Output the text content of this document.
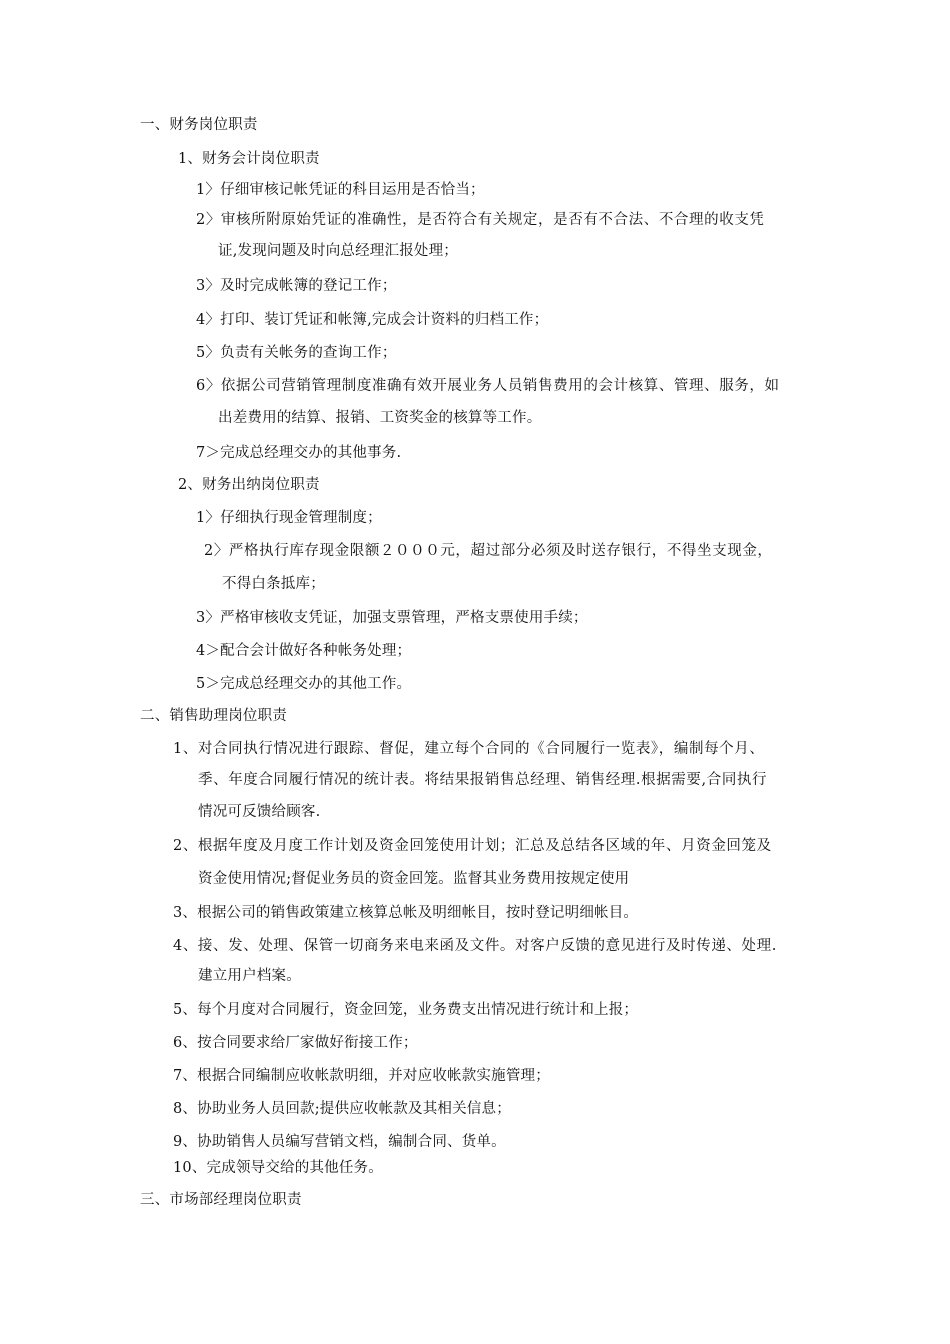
一、财务岗位职责
1、财务会计岗位职责
1〉仔细审核记帐凭证的科目运用是否恰当；
2〉审核所附原始凭证的准确性，是否符合有关规定，是否有不合法、不合理的收支凭
证,发现问题及时向总经理汇报处理；
3〉及时完成帐簿的登记工作；
4〉打印、装订凭证和帐簿,完成会计资料的归档工作；
5〉负责有关帐务的查询工作；
6〉依据公司营销管理制度准确有效开展业务人员销售费用的会计核算、管理、服务，如
出差费用的结算、报销、工资奖金的核算等工作。
7＞完成总经理交办的其他事务.
2、财务出纳岗位职责
1〉仔细执行现金管理制度；
2〉严格执行库存现金限额２０００元，超过部分必须及时送存银行，不得坐支现金，
不得白条抵库；
3〉严格审核收支凭证，加强支票管理，严格支票使用手续；
4＞配合会计做好各种帐务处理；
5＞完成总经理交办的其他工作。
二、销售助理岗位职责
1、对合同执行情况进行跟踪、督促，建立每个合同的《合同履行一览表》，编制每个月、
季、年度合同履行情况的统计表。将结果报销售总经理、销售经理.根据需要,合同执行
情况可反馈给顾客.
2、根据年度及月度工作计划及资金回笼使用计划；汇总及总结各区域的年、月资金回笼及
资金使用情况;督促业务员的资金回笼。监督其业务费用按规定使用
3、根据公司的销售政策建立核算总帐及明细帐目，按时登记明细帐目。
4、接、发、处理、保管一切商务来电来函及文件。对客户反馈的意见进行及时传递、处理.
建立用户档案。
5、每个月度对合同履行，资金回笼，业务费支出情况进行统计和上报；
6、按合同要求给厂家做好衔接工作；
7、根据合同编制应收帐款明细，并对应收帐款实施管理；
8、协助业务人员回款;提供应收帐款及其相关信息；
9、协助销售人员编写营销文档，编制合同、货单。
10、完成领导交给的其他任务。
三、市场部经理岗位职责
